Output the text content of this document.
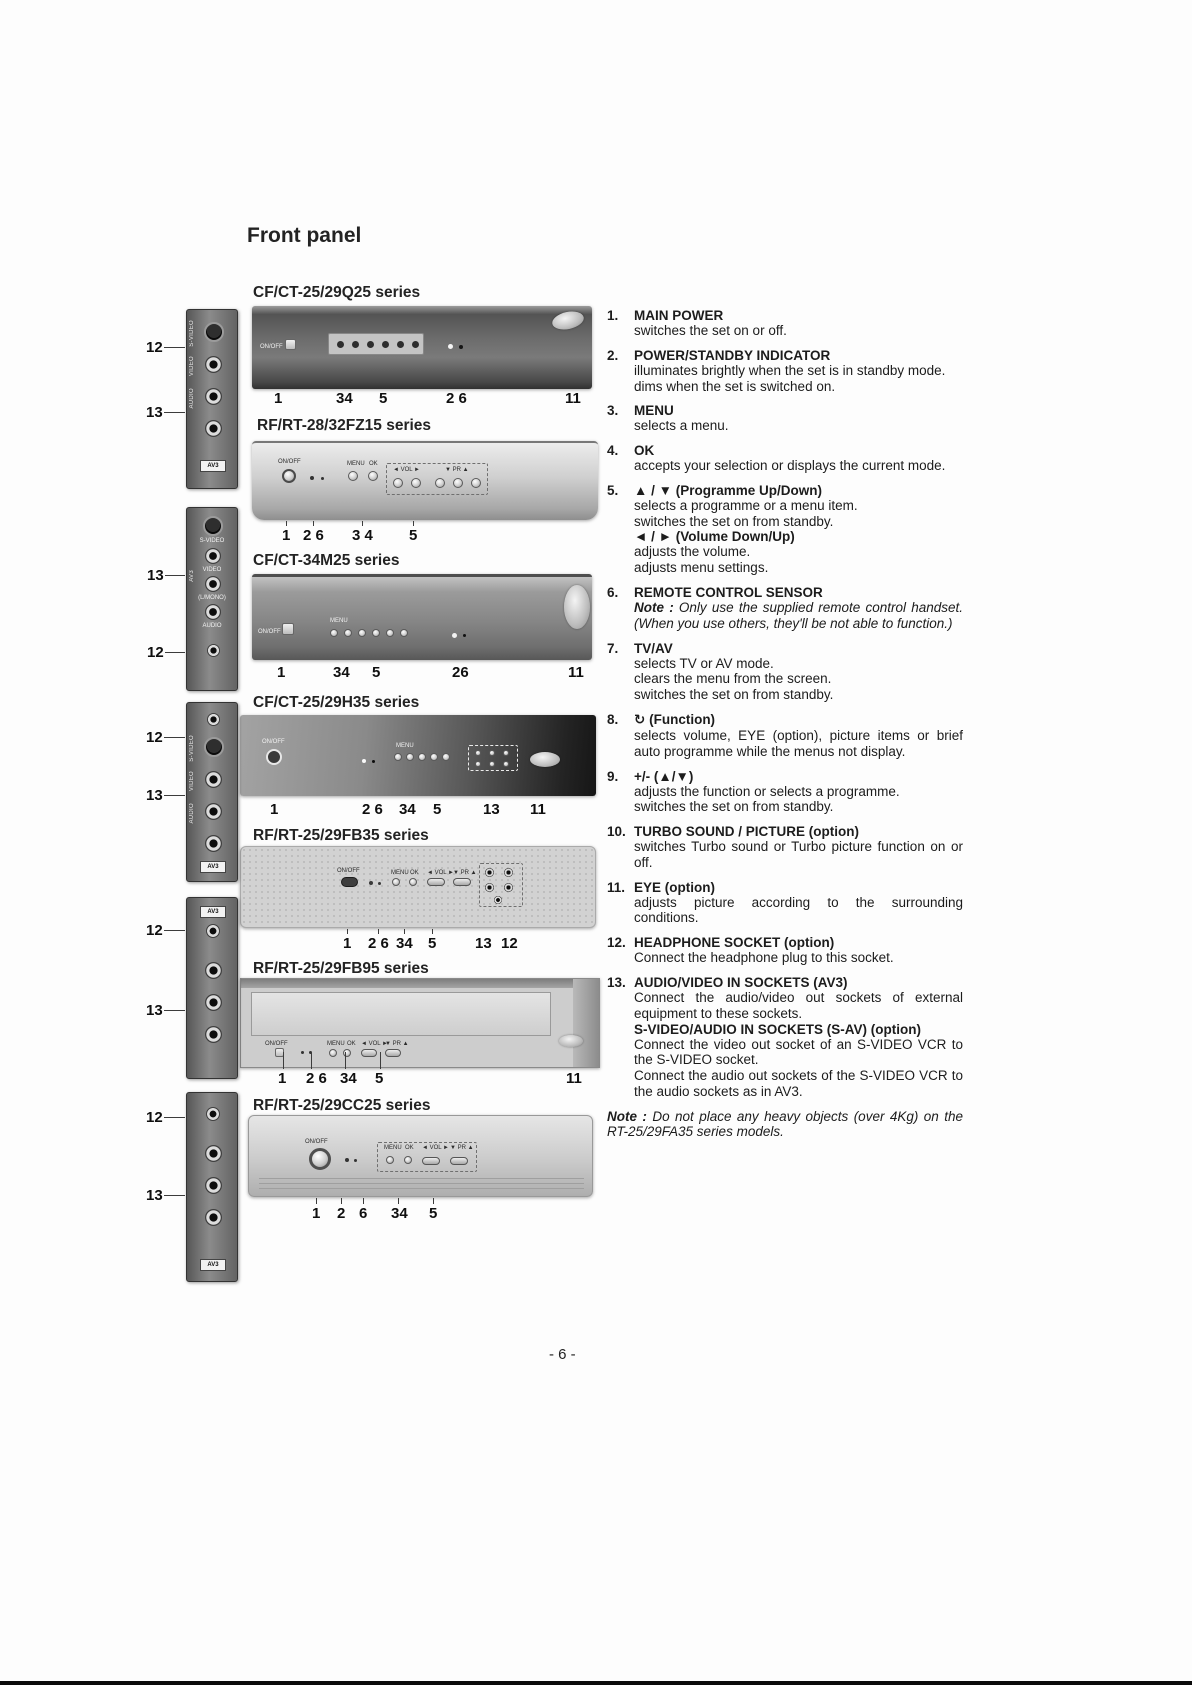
Front panel
CF/CT-25/29Q25 series
ON/OFF
1	34 5	2 6	11
RF/RT-28/32FZ15 series
ON/OFF	MENU OK
◄ VOL ►	▼ PR ▲
1 2 6 3 4 5
CF/CT-34M25 series
ON/OFF
MENU
1	34 5	26	11
CF/CT-25/29H35 series
ON/OFF
MENU
1	2 6 34 5	13 11
RF/RT-25/29FB35 series
ON/OFF	MENU OK ◄ VOL ► ▼ PR ▲
1 2 6 34 5	13 12
RF/RT-25/29FB95 series
ON/OFF	MENU OK ◄ VOL ►
▼ PR ▲
1 2 6 34 5	11
RF/RT-25/29CC25 series
ON/OFF
MENU OK ◄ VOL ► ▼ PR ▲
1 2 6 34 5
S-VIDEO
VIDEO
AUDIO
AV3
12
13
S-VIDEO
VIDEO
(L/MONO)
AUDIO
AV3
13
12
S-VIDEO
VIDEO
AUDIO
AV3
12
13
AV3
12
13
AV3
12
13
1.	MAIN POWER
switches the set on or off.
2.	POWER/STANDBY INDICATOR
illuminates brightly when the set is in standby mode.
dims when the set is switched on.
3.	MENU
selects a menu.
4.	OK
accepts your selection or displays the current mode.
5.	▲ / ▼ (Programme Up/Down)
selects a programme or a menu item.
switches the set on from standby.
◄ / ► (Volume Down/Up)
adjusts the volume.
adjusts menu settings.
6.	REMOTE CONTROL SENSOR
Note : Only use the supplied remote control handset. (When you use others, they'll be not able to function.)
7.	TV/AV
selects TV or AV mode.
clears the menu from the screen.
switches the set on from standby.
8.	↻ (Function)
selects volume, EYE (option), picture items or brief auto programme while the menus not display.
9.	+/- (▲/▼)
adjusts the function or selects a programme.
switches the set on from standby.
10. TURBO SOUND / PICTURE (option)
switches Turbo sound or Turbo picture function on or off.
11. EYE (option)
adjusts picture according to the surrounding conditions.
12. HEADPHONE SOCKET (option)
Connect the headphone plug to this socket.
13. AUDIO/VIDEO IN SOCKETS (AV3)
Connect the audio/video out sockets of external equipment to these sockets.
S-VIDEO/AUDIO IN SOCKETS (S-AV) (option)
Connect the video out socket of an S-VIDEO VCR to the S-VIDEO socket.
Connect the audio out sockets of the S-VIDEO VCR to the audio sockets as in AV3.
Note : Do not place any heavy objects (over 4Kg) on the RT-25/29FA35 series models.
- 6 -
